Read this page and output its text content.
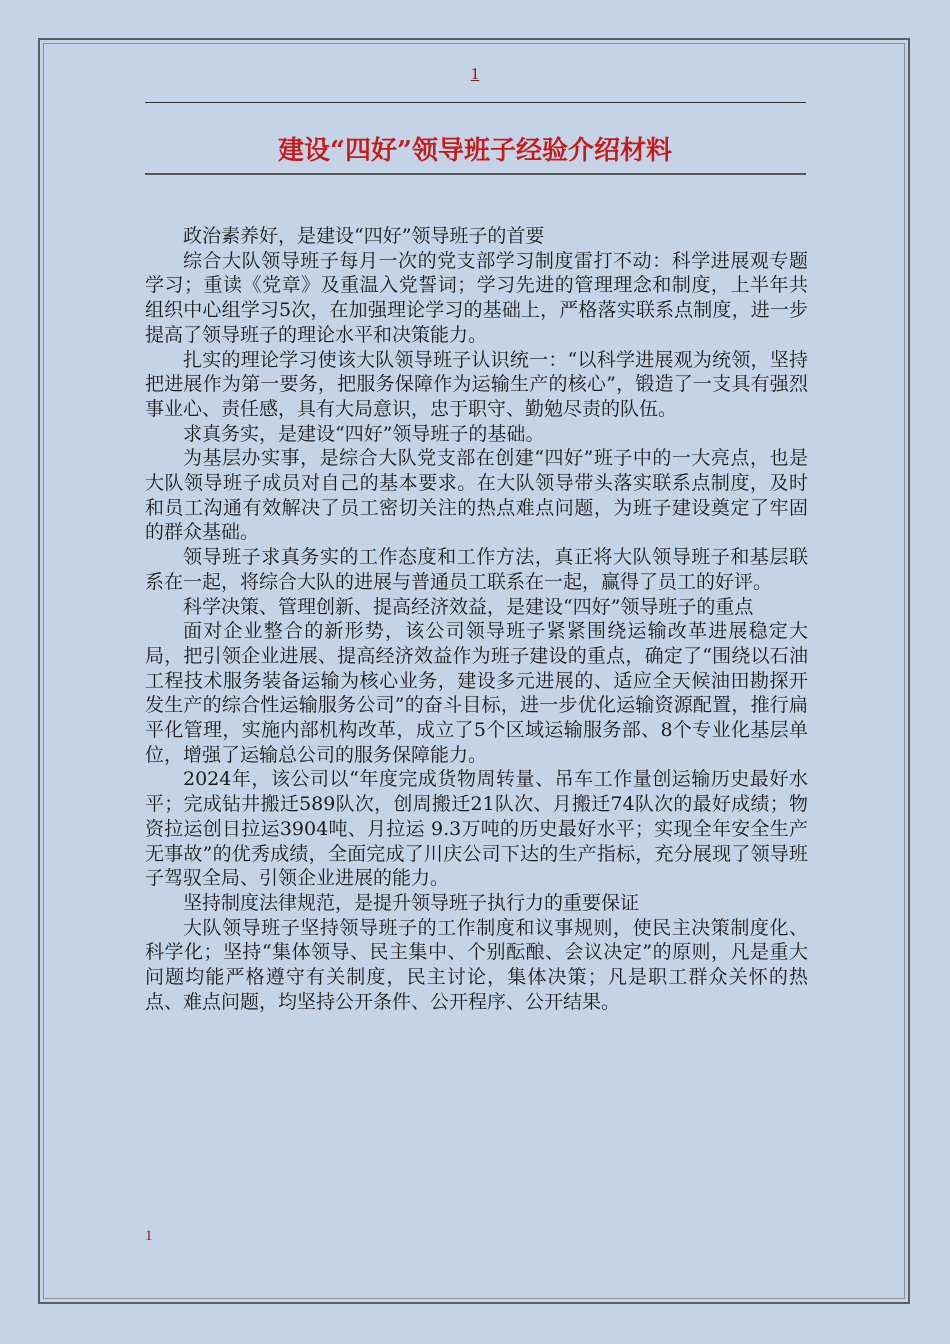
1
建设“四好”领导班子经验介绍材料

政治素养好，是建设“四好”领导班子的首要

综合大队领导班子每月一次的党支部学习制度雷打不动：科学进展观专题学习；重读《党章》及重温入党誓词；学习先进的管理理念和制度，上半年共组织中心组学习5次，在加强理论学习的基础上，严格落实联系点制度，进一步提高了领导班子的理论水平和决策能力。

扎实的理论学习使该大队领导班子认识统一：“以科学进展观为统领，坚持把进展作为第一要务，把服务保障作为运输生产的核心”，锻造了一支具有强烈事业心、责任感，具有大局意识，忠于职守、勤勉尽责的队伍。

求真务实，是建设“四好”领导班子的基础。

为基层办实事，是综合大队党支部在创建“四好”班子中的一大亮点，也是大队领导班子成员对自己的基本要求。在大队领导带头落实联系点制度，及时和员工沟通有效解决了员工密切关注的热点难点问题，为班子建设奠定了牢固的群众基础。

领导班子求真务实的工作态度和工作方法，真正将大队领导班子和基层联系在一起，将综合大队的进展与普通员工联系在一起，赢得了员工的好评。

科学决策、管理创新、提高经济效益，是建设“四好”领导班子的重点

面对企业整合的新形势，该公司领导班子紧紧围绕运输改革进展稳定大局，把引领企业进展、提高经济效益作为班子建设的重点，确定了“围绕以石油工程技术服务装备运输为核心业务，建设多元进展的、适应全天候油田勘探开发生产的综合性运输服务公司”的奋斗目标，进一步优化运输资源配置，推行扁平化管理，实施内部机构改革，成立了5个区域运输服务部、8个专业化基层单位，增强了运输总公司的服务保障能力。

2024年，该公司以“年度完成货物周转量、吊车工作量创运输历史最好水平；完成钻井搬迁589队次，创周搬迁21队次、月搬迁74队次的最好成绩；物资拉运创日拉运3904吨、月拉运 9.3万吨的历史最好水平；实现全年安全生产无事故”的优秀成绩，全面完成了川庆公司下达的生产指标，充分展现了领导班子驾驭全局、引领企业进展的能力。

坚持制度法律规范，是提升领导班子执行力的重要保证

大队领导班子坚持领导班子的工作制度和议事规则，使民主决策制度化、科学化；坚持“集体领导、民主集中、个别酝酿、会议决定”的原则，凡是重大问题均能严格遵守有关制度，民主讨论，集体决策；凡是职工群众关怀的热点、难点问题，均坚持公开条件、公开程序、公开结果。

1
